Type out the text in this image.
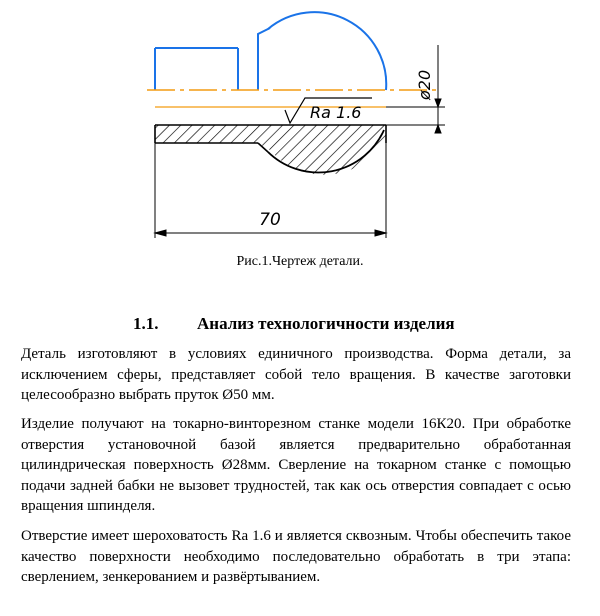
Ra 1.6
ø20
70
Рис.1.Чертеж детали.
1.1. Анализ технологичности изделия

Деталь изготовляют в условиях единичного производства. Форма детали, за исключением сферы, представляет собой тело вращения. В качестве заготовки целесообразно выбрать пруток Ø50 мм.

Изделие получают на токарно-винторезном станке модели 16К20. При обработке отверстия установочной базой является предварительно обработанная цилиндрическая поверхность Ø28мм. Сверление на токарном станке с помощью подачи задней бабки не вызовет трудностей, так как ось отверстия совпадает с осью вращения шпинделя.

Отверстие имеет шероховатость Ra 1.6 и является сквозным. Чтобы обеспечить такое качество поверхности необходимо последовательно обработать в три этапа: сверлением, зенкерованием и развёртыванием.
